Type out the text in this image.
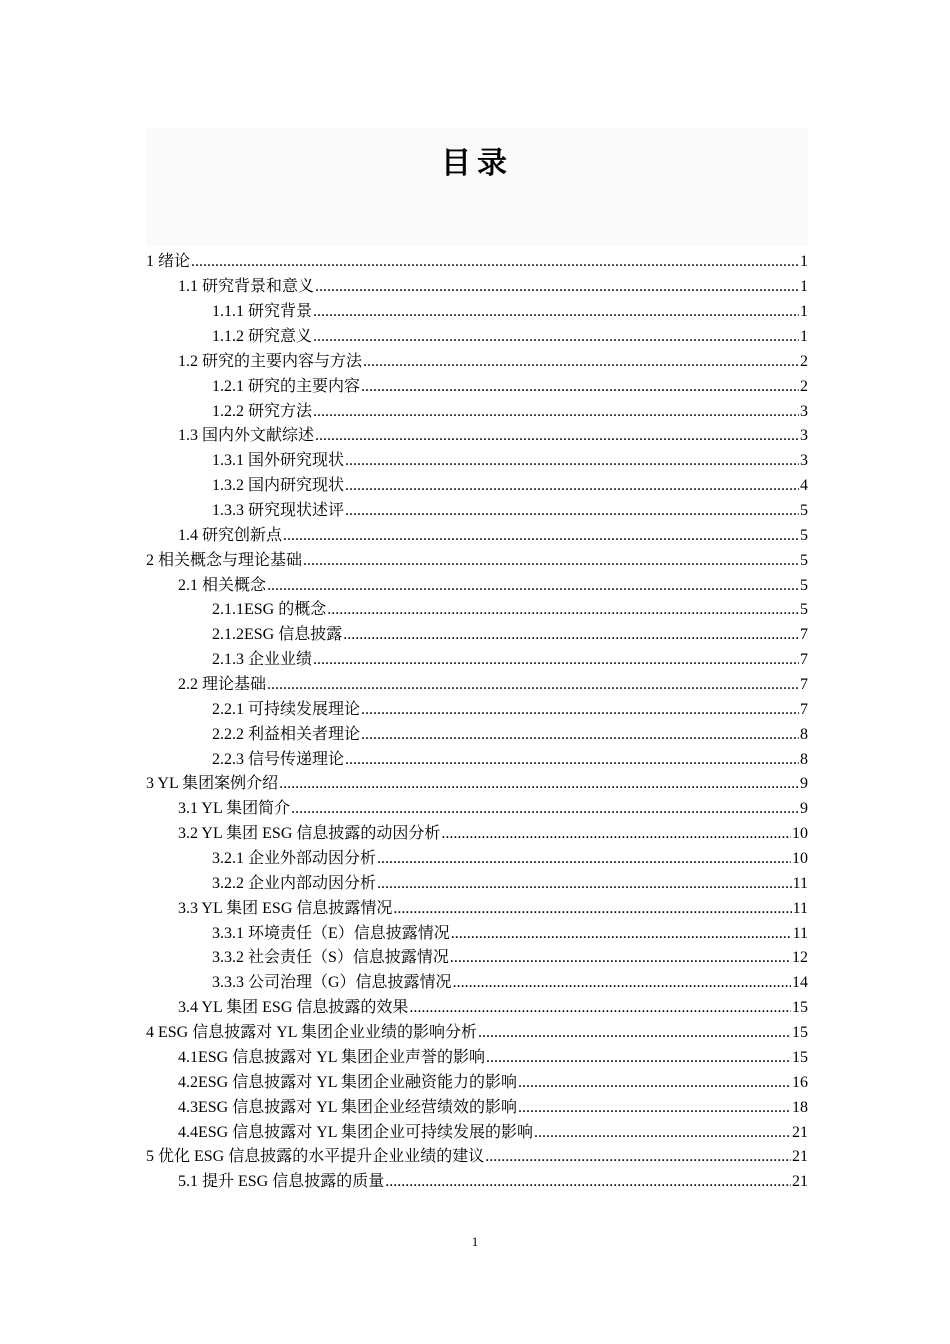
目录
1 绪论 .....	1
1.1 研究背景和意义 .....	1
1.1.1 研究背景 .....	1
1.1.2 研究意义 .....	1
1.2 研究的主要内容与方法 .....	2
1.2.1 研究的主要内容 .....	2
1.2.2 研究方法 .....	3
1.3 国内外文献综述 .....	3
1.3.1 国外研究现状 .....	3
1.3.2 国内研究现状 .....	4
1.3.3 研究现状述评 .....	5
1.4 研究创新点 .....	5
2 相关概念与理论基础 .....	5
2.1 相关概念 .....	5
2.1.1ESG 的概念 .....	5
2.1.2ESG 信息披露 .....	7
2.1.3 企业业绩 .....	7
2.2 理论基础 .....	7
2.2.1 可持续发展理论 .....	7
2.2.2 利益相关者理论 .....	8
2.2.3 信号传递理论 .....	8
3 YL 集团案例介绍 .....	9
3.1 YL 集团简介 .....	9
3.2 YL 集团 ESG 信息披露的动因分析 .....	10
3.2.1 企业外部动因分析 .....	10
3.2.2 企业内部动因分析 .....	11
3.3 YL 集团 ESG 信息披露情况 .....	11
3.3.1 环境责任（E）信息披露情况 .....	11
3.3.2 社会责任（S）信息披露情况 .....	12
3.3.3 公司治理（G）信息披露情况 .....	14
3.4 YL 集团 ESG 信息披露的效果 .....	15
4 ESG 信息披露对 YL 集团企业业绩的影响分析 .....	15
4.1ESG 信息披露对 YL 集团企业声誉的影响 .....	15
4.2ESG 信息披露对 YL 集团企业融资能力的影响 .....	16
4.3ESG 信息披露对 YL 集团企业经营绩效的影响 .....	18
4.4ESG 信息披露对 YL 集团企业可持续发展的影响 .....	21
5 优化 ESG 信息披露的水平提升企业业绩的建议 .....	21
5.1 提升 ESG 信息披露的质量 .....	21
1
